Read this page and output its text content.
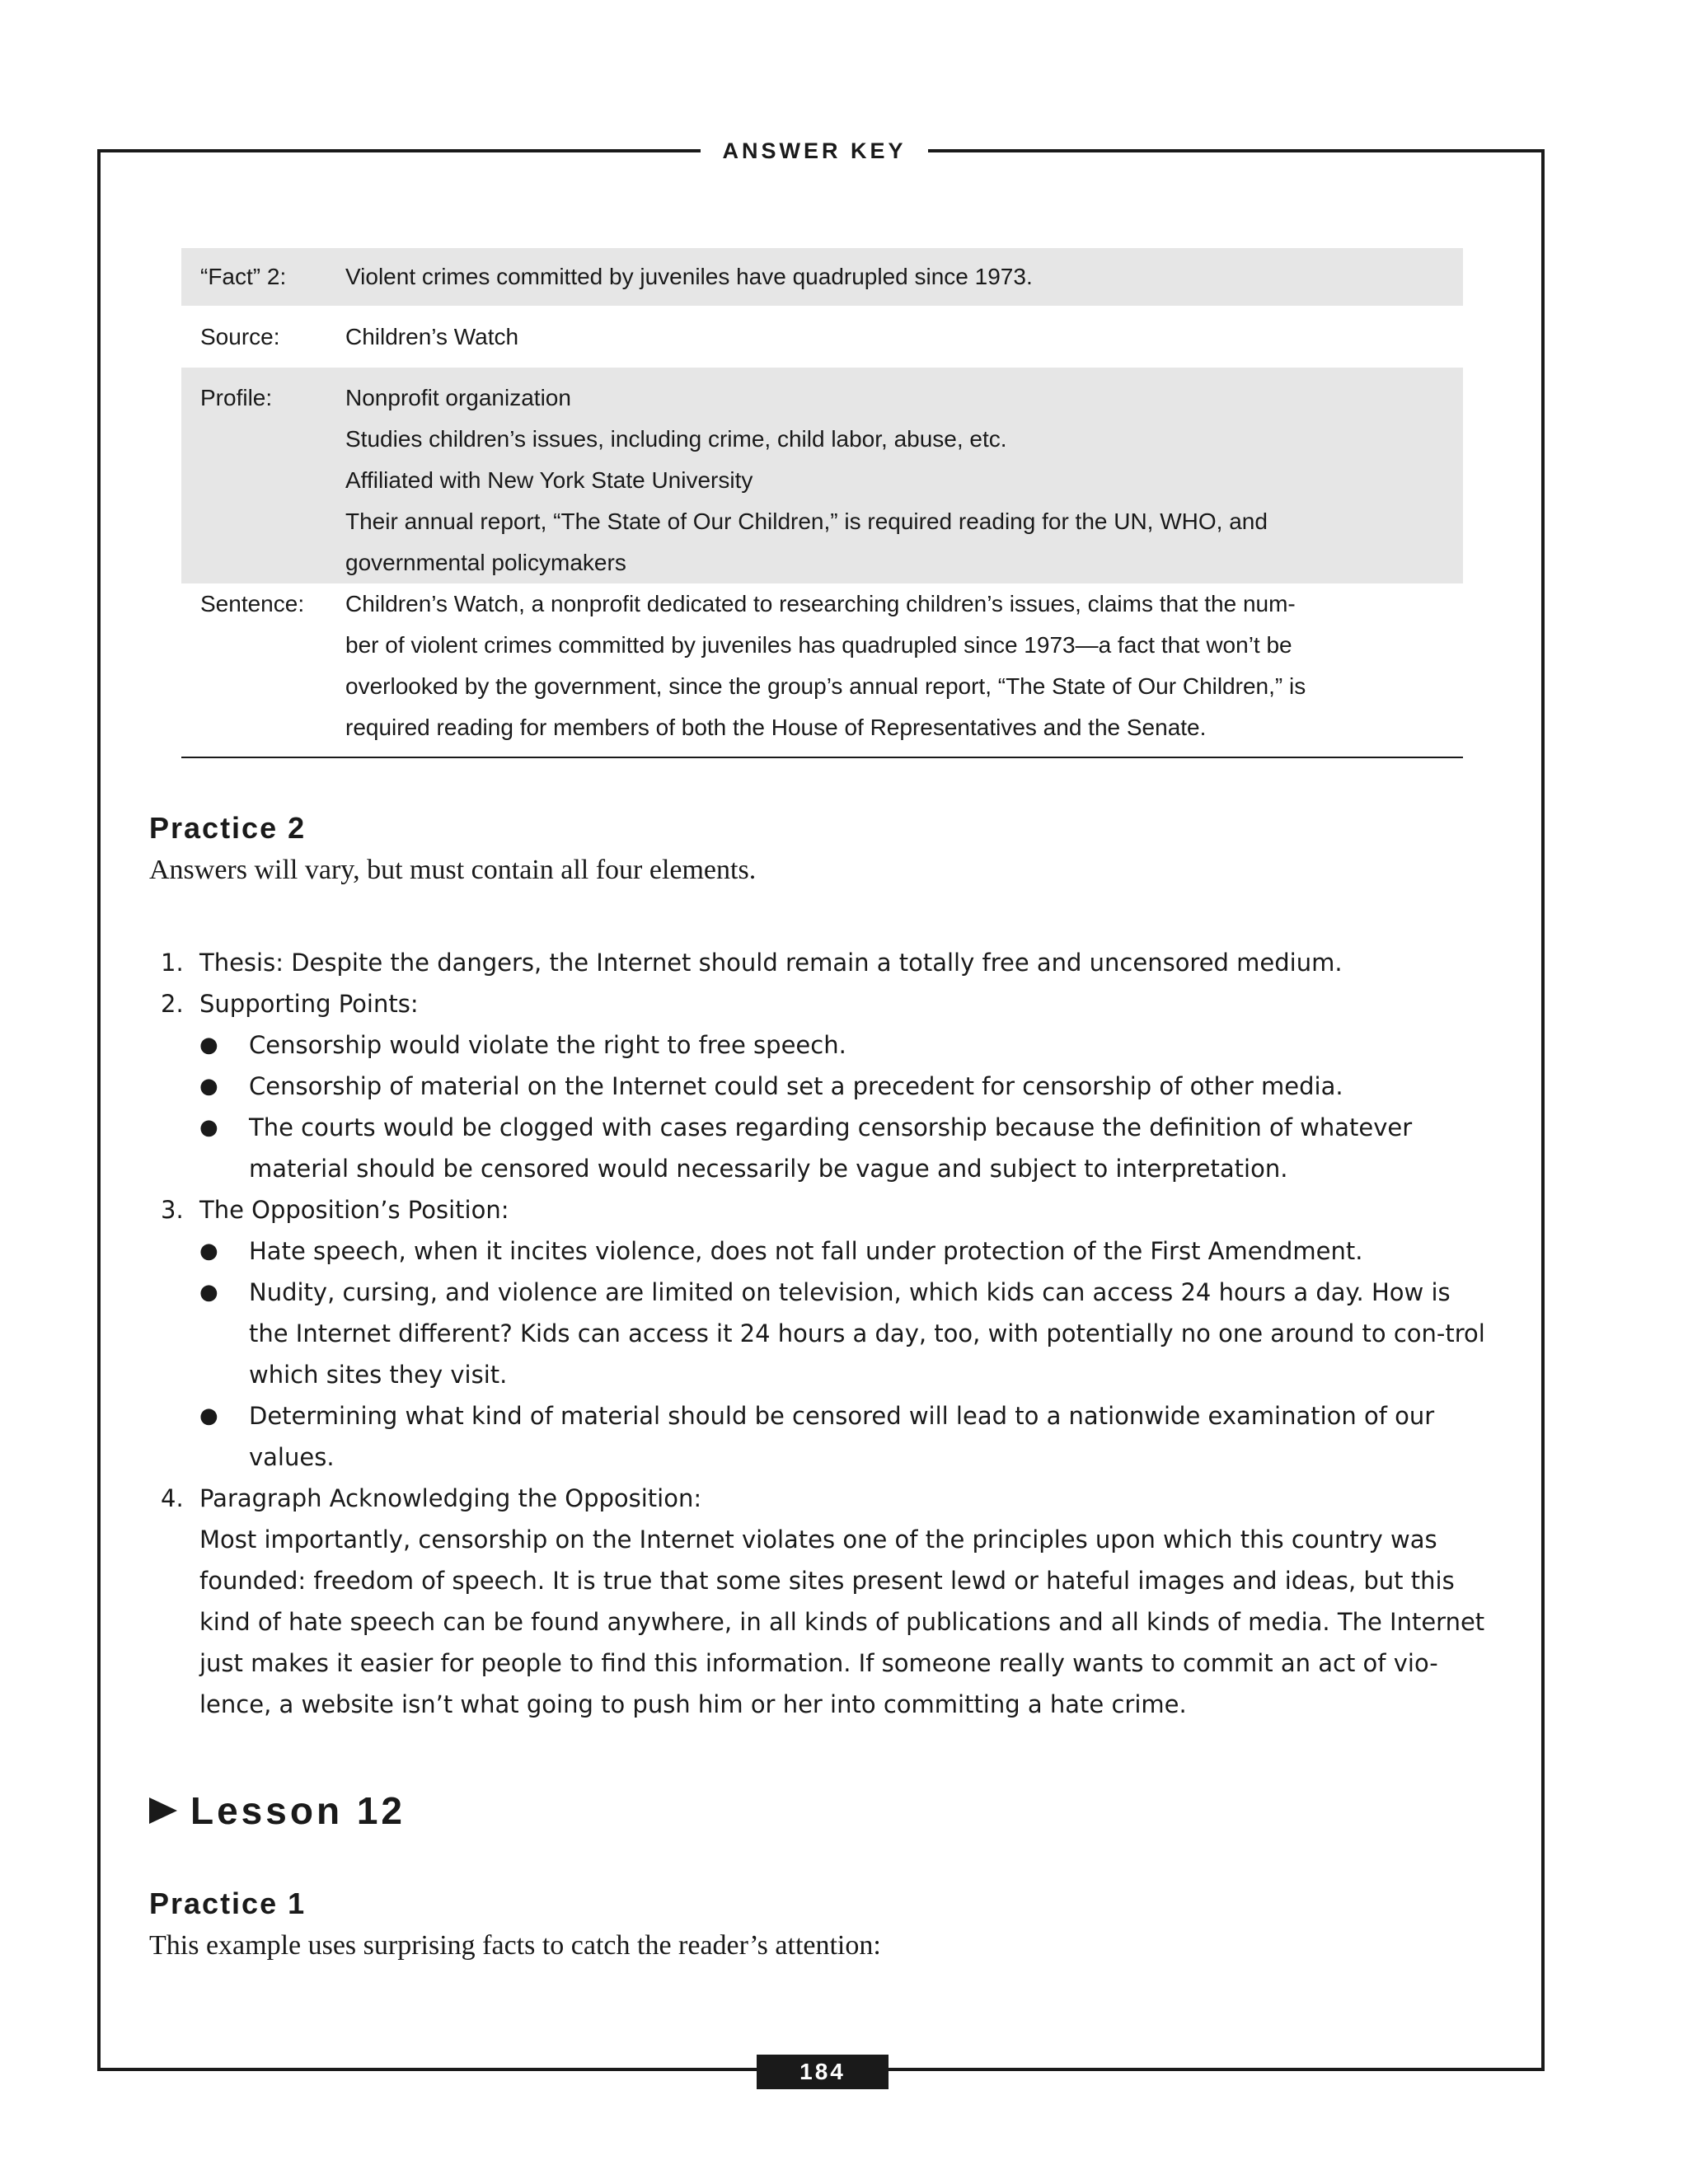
ANSWER KEY
“Fact” 2:	Violent crimes committed by juveniles have quadrupled since 1973.
Source:	Children’s Watch
Profile:	Nonprofit organization
Studies children’s issues, including crime, child labor, abuse, etc.
Affiliated with New York State University
Their annual report, “The State of Our Children,” is required reading for the UN, WHO, and
governmental policymakers
Sentence:	Children’s Watch, a nonprofit dedicated to researching children’s issues, claims that the num-
ber of violent crimes committed by juveniles has quadrupled since 1973—a fact that won’t be
overlooked by the government, since the group’s annual report, “The State of Our Children,” is
required reading for members of both the House of Representatives and the Senate.
Practice 2
Answers will vary, but must contain all four elements.
1. Thesis: Despite the dangers, the Internet should remain a totally free and uncensored medium.
2. Supporting Points:
● Censorship would violate the right to free speech.
● Censorship of material on the Internet could set a precedent for censorship of other media.
● The courts would be clogged with cases regarding censorship because the definition of whatever material should be censored would necessarily be vague and subject to interpretation.
3. The Opposition’s Position:
● Hate speech, when it incites violence, does not fall under protection of the First Amendment.
● Nudity, cursing, and violence are limited on television, which kids can access 24 hours a day. How is the Internet different? Kids can access it 24 hours a day, too, with potentially no one around to con-trol which sites they visit.
● Determining what kind of material should be censored will lead to a nationwide examination of our values.
4. Paragraph Acknowledging the Opposition:
Most importantly, censorship on the Internet violates one of the principles upon which this country was founded: freedom of speech. It is true that some sites present lewd or hateful images and ideas, but this kind of hate speech can be found anywhere, in all kinds of publications and all kinds of media. The Internet just makes it easier for people to find this information. If someone really wants to commit an act of vio-lence, a website isn’t what going to push him or her into committing a hate crime.
Lesson 12
Practice 1
This example uses surprising facts to catch the reader’s attention:
184
